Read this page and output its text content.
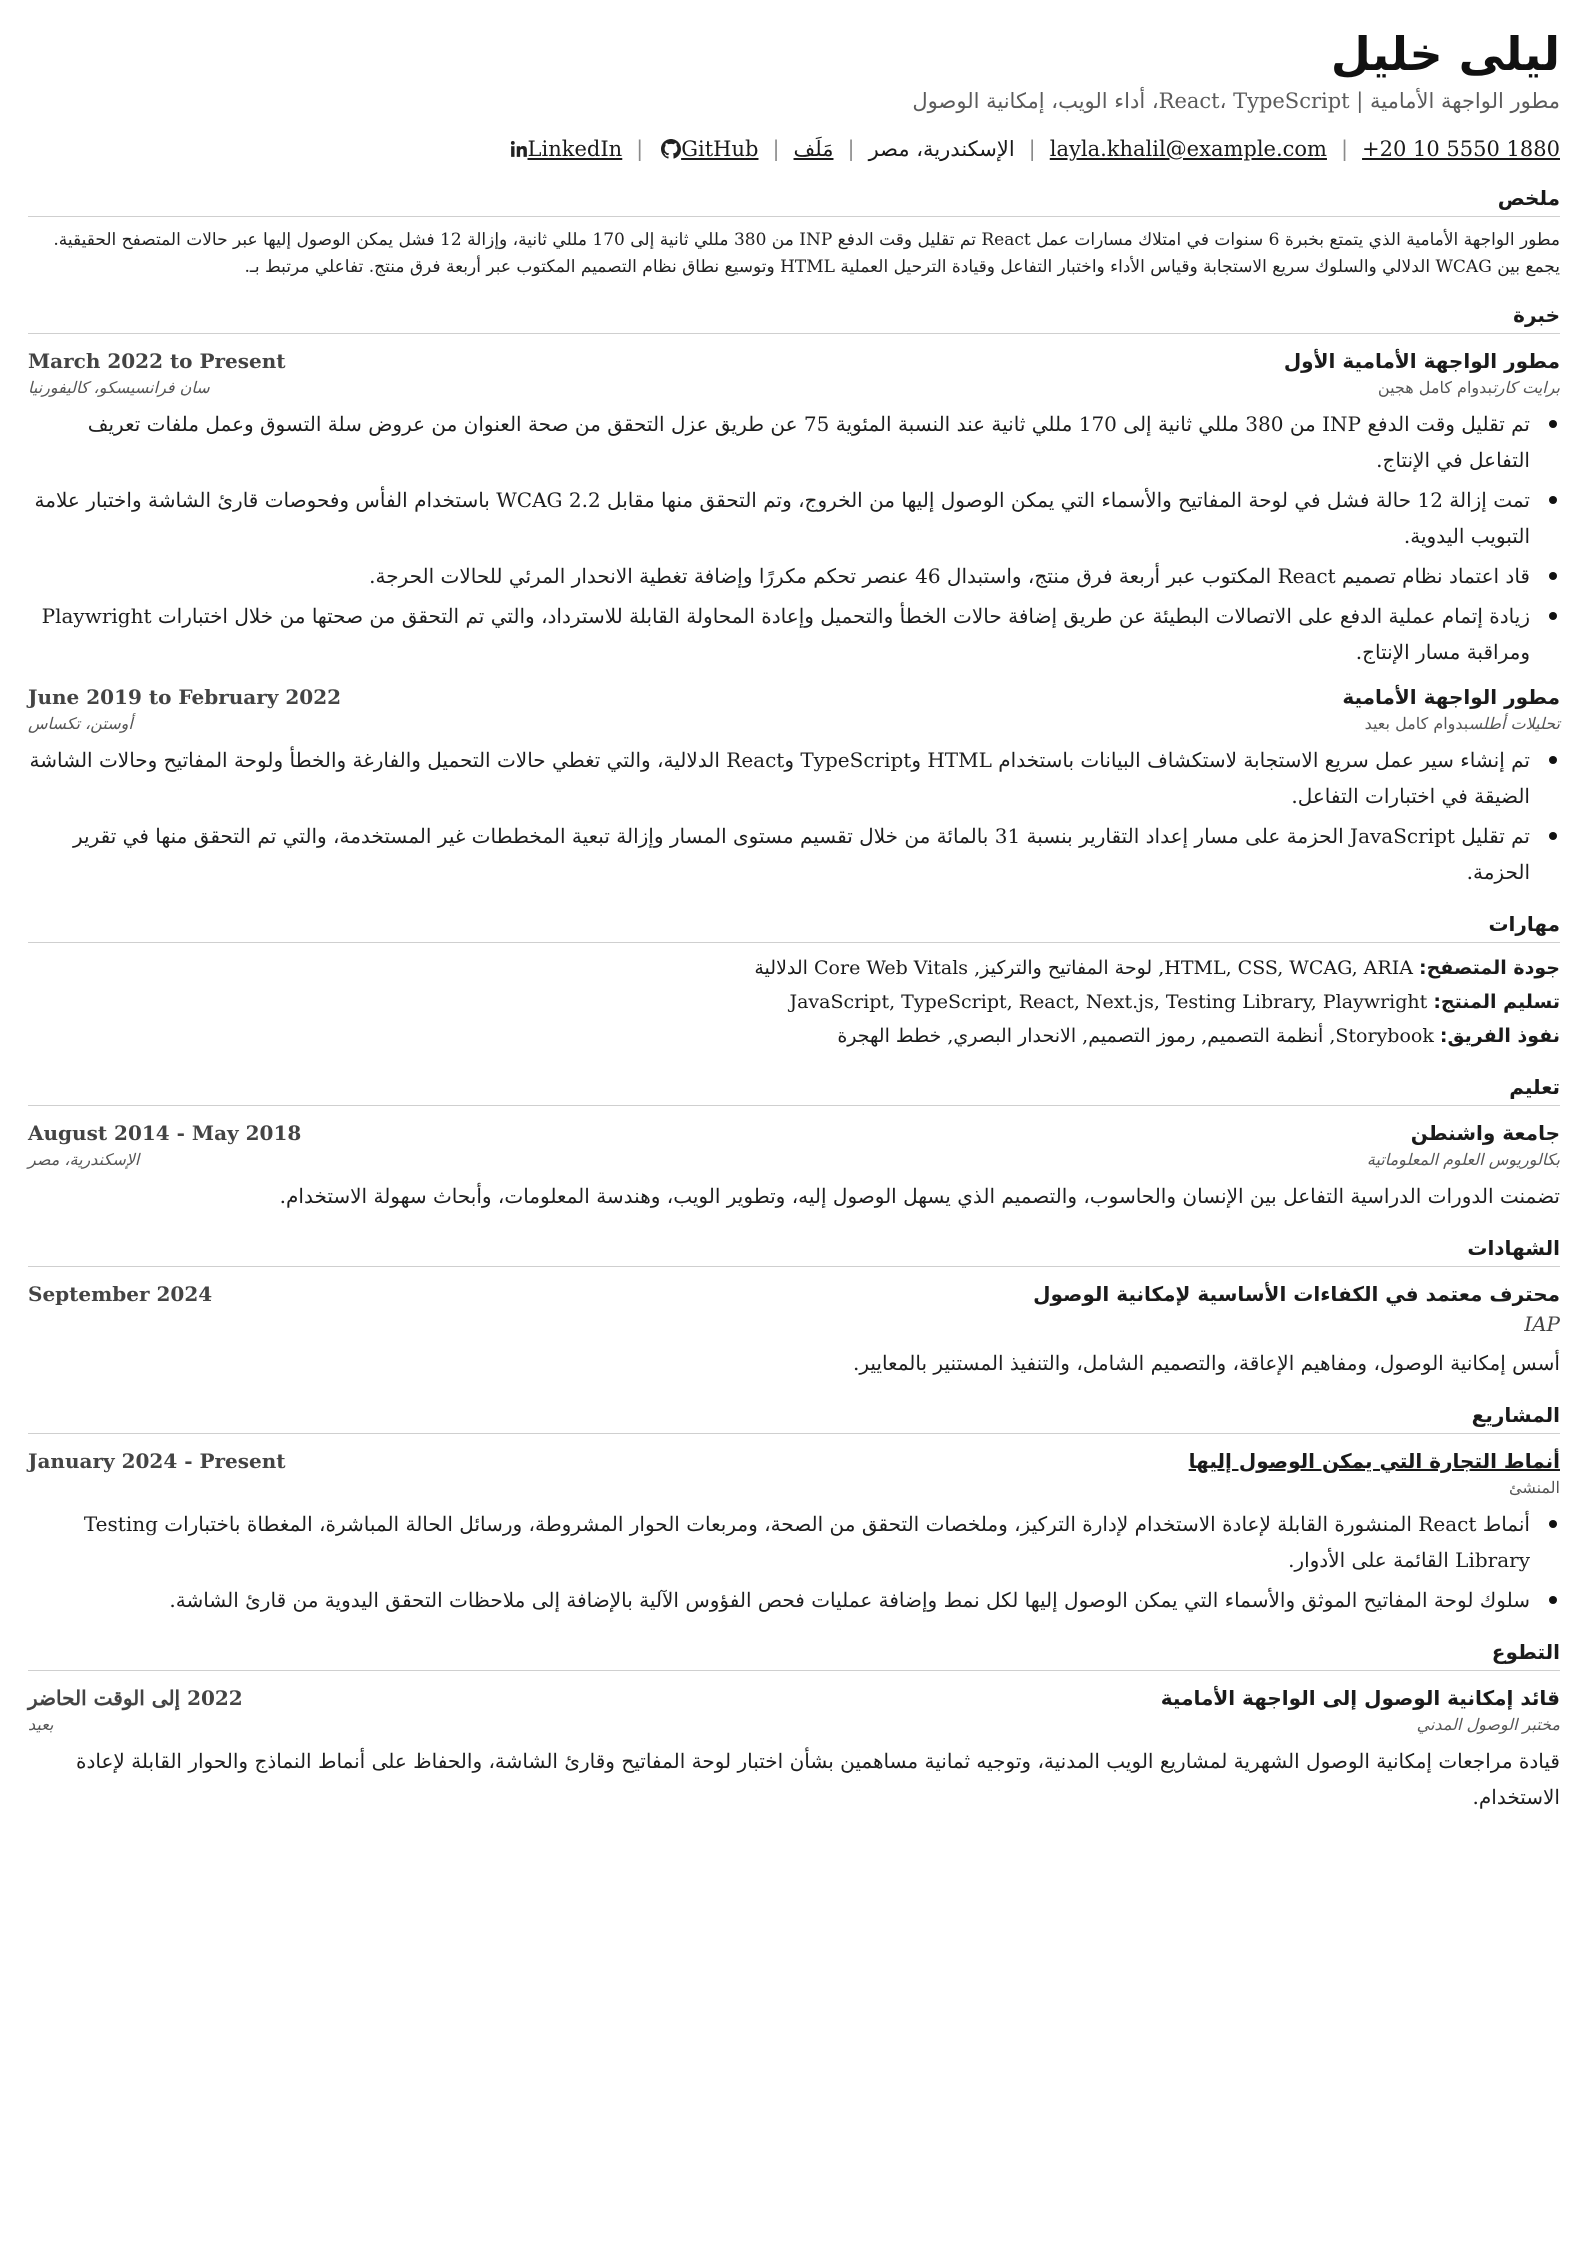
ليلى خليل
مطور الواجهة الأمامية | React، TypeScript، أداء الويب، إمكانية الوصول
+20 10 5550 1880
|
layla.khalil@example.com
|
الإسكندرية، مصر
|
مَلَف
|
GitHub
|
LinkedIn
ملخص
مطور الواجهة الأمامية الذي يتمتع بخبرة 6 سنوات في امتلاك مسارات عمل React تم تقليل وقت الدفع INP من 380 مللي ثانية إلى 170 مللي ثانية، وإزالة 12 فشل يمكن الوصول إليها عبر حالات المتصفح الحقيقية. يجمع بين WCAG الدلالي والسلوك سريع الاستجابة وقياس الأداء واختبار التفاعل وقيادة الترحيل العملية HTML وتوسيع نطاق نظام التصميم المكتوب عبر أربعة فرق منتج. تفاعلي مرتبط بـ.
خبرة
مطور الواجهة الأمامية الأول
March 2022 to Present
برايت كارتبدوام كامل هجين
سان فرانسيسكو، كاليفورنيا
تم تقليل وقت الدفع INP من 380 مللي ثانية إلى 170 مللي ثانية عند النسبة المئوية 75 عن طريق عزل التحقق من صحة العنوان من عروض سلة التسوق وعمل ملفات تعريف التفاعل في الإنتاج.
تمت إزالة 12 حالة فشل في لوحة المفاتيح والأسماء التي يمكن الوصول إليها من الخروج، وتم التحقق منها مقابل WCAG 2.2 باستخدام الفأس وفحوصات قارئ الشاشة واختبار علامة التبويب اليدوية.
قاد اعتماد نظام تصميم React المكتوب عبر أربعة فرق منتج، واستبدال 46 عنصر تحكم مكررًا وإضافة تغطية الانحدار المرئي للحالات الحرجة.
زيادة إتمام عملية الدفع على الاتصالات البطيئة عن طريق إضافة حالات الخطأ والتحميل وإعادة المحاولة القابلة للاسترداد، والتي تم التحقق من صحتها من خلال اختبارات Playwright ومراقبة مسار الإنتاج.
مطور الواجهة الأمامية
June 2019 to February 2022
تحليلات أطلسبدوام كامل بعيد
أوستن، تكساس
تم إنشاء سير عمل سريع الاستجابة لاستكشاف البيانات باستخدام HTML وTypeScript وReact الدلالية، والتي تغطي حالات التحميل والفارغة والخطأ ولوحة المفاتيح وحالات الشاشة الضيقة في اختبارات التفاعل.
تم تقليل JavaScript الحزمة على مسار إعداد التقارير بنسبة 31 بالمائة من خلال تقسيم مستوى المسار وإزالة تبعية المخططات غير المستخدمة، والتي تم التحقق منها في تقرير الحزمة.
مهارات
جودة المتصفح: HTML, CSS, WCAG, ARIA, لوحة المفاتيح والتركيز, Core Web Vitals الدلالية
تسليم المنتج: JavaScript, TypeScript, React, Next.js, Testing Library, Playwright
نفوذ الفريق: Storybook, أنظمة التصميم, رموز التصميم, الانحدار البصري, خطط الهجرة
تعليم
جامعة واشنطن
August 2014 - May 2018
بكالوريوس العلوم المعلوماتية
الإسكندرية، مصر
تضمنت الدورات الدراسية التفاعل بين الإنسان والحاسوب، والتصميم الذي يسهل الوصول إليه، وتطوير الويب، وهندسة المعلومات، وأبحاث سهولة الاستخدام.
الشهادات
محترف معتمد في الكفاءات الأساسية لإمكانية الوصول
September 2024
IAP
أسس إمكانية الوصول، ومفاهيم الإعاقة، والتصميم الشامل، والتنفيذ المستنير بالمعايير.
المشاريع
أنماط التجارة التي يمكن الوصول إليها
January 2024 - Present
المنشئ
أنماط React المنشورة القابلة لإعادة الاستخدام لإدارة التركيز، وملخصات التحقق من الصحة، ومربعات الحوار المشروطة، ورسائل الحالة المباشرة، المغطاة باختبارات Testing Library القائمة على الأدوار.
سلوك لوحة المفاتيح الموثق والأسماء التي يمكن الوصول إليها لكل نمط وإضافة عمليات فحص الفؤوس الآلية بالإضافة إلى ملاحظات التحقق اليدوية من قارئ الشاشة.
التطوع
قائد إمكانية الوصول إلى الواجهة الأمامية
2022 إلى الوقت الحاضر
مختبر الوصول المدني
بعيد
قيادة مراجعات إمكانية الوصول الشهرية لمشاريع الويب المدنية، وتوجيه ثمانية مساهمين بشأن اختبار لوحة المفاتيح وقارئ الشاشة، والحفاظ على أنماط النماذج والحوار القابلة لإعادة الاستخدام.
